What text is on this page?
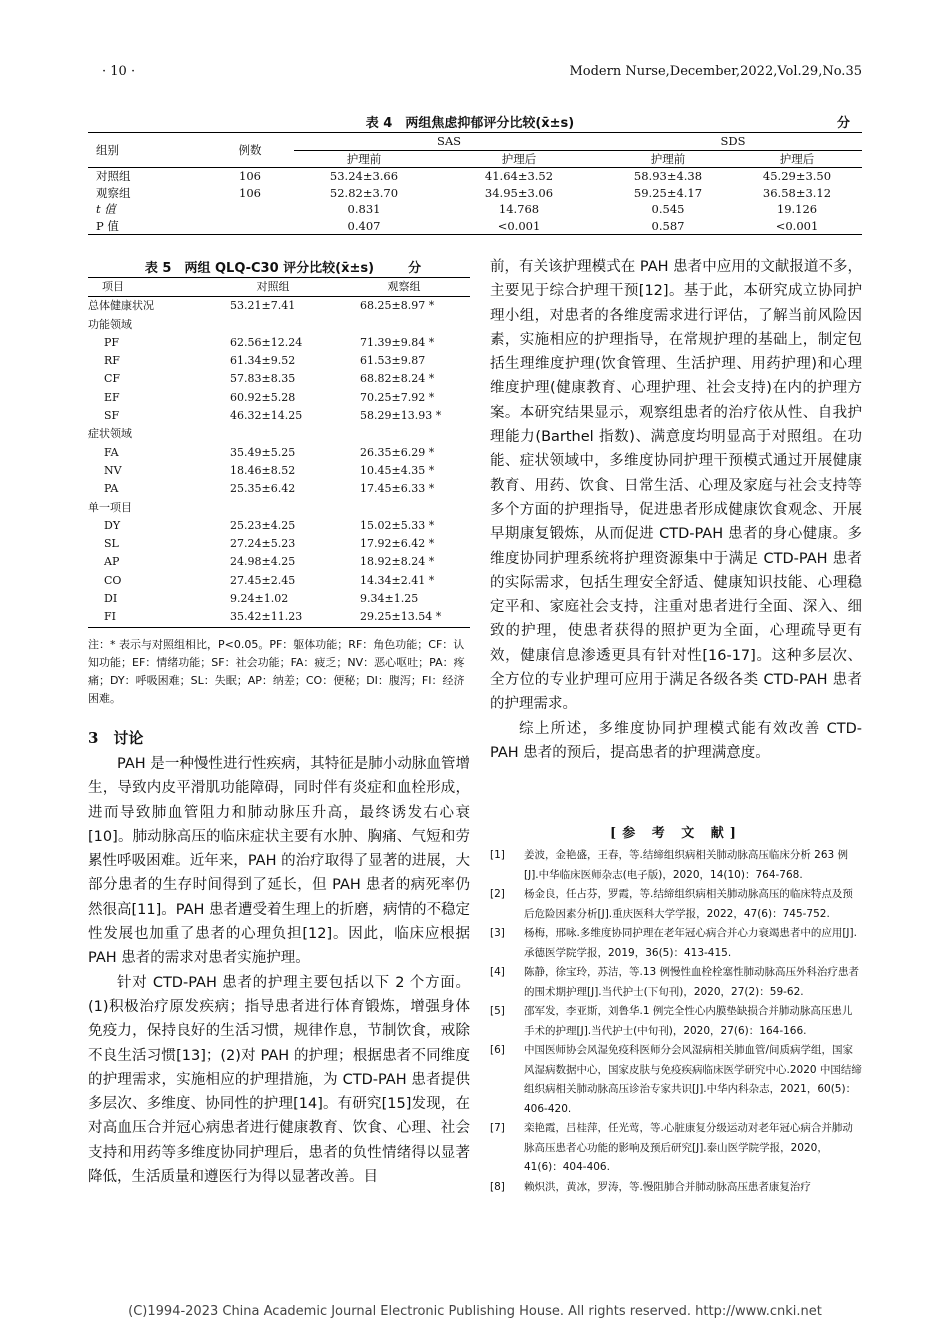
· 10 ·	Modern Nurse,December,2022,Vol.29,No.35
表 4　两组焦虑抑郁评分比较(x̄±s)	分
组别	例数	SAS		SDS	
		护理前	护理后	护理前	护理后
对照组	106	53.24±3.66	41.64±3.52	58.93±4.38	45.29±3.50
观察组	106	52.82±3.70	34.95±3.06	59.25±4.17	36.58±3.12
t 值		0.831	14.768	0.545	19.126
P 值		0.407	<0.001	0.587	<0.001
表 5　两组 QLQ-C30 评分比较(x̄±s)	分
项目	对照组	观察组
总体健康状况	53.21±7.41	68.25±8.97 *
功能领域		
PF	62.56±12.24	71.39±9.84 *
RF	61.34±9.52	61.53±9.87
CF	57.83±8.35	68.82±8.24 *
EF	60.92±5.28	70.25±7.92 *
SF	46.32±14.25	58.29±13.93 *
症状领域		
FA	35.49±5.25	26.35±6.29 *
NV	18.46±8.52	10.45±4.35 *
PA	25.35±6.42	17.45±6.33 *
单一项目		
DY	25.23±4.25	15.02±5.33 *
SL	27.24±5.23	17.92±6.42 *
AP	24.98±4.25	18.92±8.24 *
CO	27.45±2.45	14.34±2.41 *
DI	9.24±1.02	9.34±1.25
FI	35.42±11.23	29.25±13.54 *
注：* 表示与对照组相比，P<0.05。PF：躯体功能；RF：角色功能；CF：认知功能；EF：情绪功能；SF：社会功能；FA：疲乏；NV：恶心呕吐；PA：疼痛；DY：呼吸困难；SL：失眠；AP：纳差；CO：便秘；DI：腹泻；FI：经济困难。
3　讨论

PAH 是一种慢性进行性疾病，其特征是肺小动脉血管增生，导致内皮平滑肌功能障碍，同时伴有炎症和血栓形成，进而导致肺血管阻力和肺动脉压升高，最终诱发右心衰[10]。肺动脉高压的临床症状主要有水肿、胸痛、气短和劳累性呼吸困难。近年来，PAH 的治疗取得了显著的进展，大部分患者的生存时间得到了延长，但 PAH 患者的病死率仍然很高[11]。PAH 患者遭受着生理上的折磨，病情的不稳定性发展也加重了患者的心理负担[12]。因此，临床应根据 PAH 患者的需求对患者实施护理。

针对 CTD-PAH 患者的护理主要包括以下 2 个方面。(1)积极治疗原发疾病；指导患者进行体育锻炼，增强身体免疫力，保持良好的生活习惯，规律作息，节制饮食，戒除不良生活习惯[13]；(2)对 PAH 的护理；根据患者不同维度的护理需求，实施相应的护理措施，为 CTD-PAH 患者提供多层次、多维度、协同性的护理[14]。有研究[15]发现，在对高血压合并冠心病患者进行健康教育、饮食、心理、社会支持和用药等多维度协同护理后，患者的负性情绪得以显著降低，生活质量和遵医行为得以显著改善。目

前，有关该护理模式在 PAH 患者中应用的文献报道不多，主要见于综合护理干预[12]。基于此，本研究成立协同护理小组，对患者的各维度需求进行评估，了解当前风险因素，实施相应的护理指导，在常规护理的基础上，制定包括生理维度护理(饮食管理、生活护理、用药护理)和心理维度护理(健康教育、心理护理、社会支持)在内的护理方案。本研究结果显示，观察组患者的治疗依从性、自我护理能力(Barthel 指数)、满意度均明显高于对照组。在功能、症状领域中，多维度协同护理干预模式通过开展健康教育、用药、饮食、日常生活、心理及家庭与社会支持等多个方面的护理指导，促进患者形成健康饮食观念、开展早期康复锻炼，从而促进 CTD-PAH 患者的身心健康。多维度协同护理系统将护理资源集中于满足 CTD-PAH 患者的实际需求，包括生理安全舒适、健康知识技能、心理稳定平和、家庭社会支持，注重对患者进行全面、深入、细致的护理，使患者获得的照护更为全面，心理疏导更有效，健康信息渗透更具有针对性[16-17]。这种多层次、全方位的专业护理可应用于满足各级各类 CTD-PAH 患者的护理需求。

综上所述，多维度协同护理模式能有效改善 CTD-PAH 患者的预后，提高患者的护理满意度。

[参 考 文 献]
[1] 姜波，金艳盛，王春，等.结缔组织病相关肺动脉高压临床分析 263 例[J].中华临床医师杂志(电子版)，2020，14(10)：764-768.
[2] 杨金良，任占芬，罗霞，等.结缔组织病相关肺动脉高压的临床特点及预后危险因素分析[J].重庆医科大学学报，2022，47(6)：745-752.
[3] 杨梅，邢咏.多维度协同护理在老年冠心病合并心力衰竭患者中的应用[J].承德医学院学报，2019，36(5)：413-415.
[4] 陈静，徐宝玲，苏洁，等.13 例慢性血栓栓塞性肺动脉高压外科治疗患者的围术期护理[J].当代护士(下旬刊)，2020，27(2)：59-62.
[5] 邵军发，李亚斯，刘鲁华.1 例完全性心内膜垫缺损合并肺动脉高压患儿手术的护理[J].当代护士(中旬刊)，2020，27(6)：164-166.
[6] 中国医师协会风湿免疫科医师分会风湿病相关肺血管/间质病学组，国家风湿病数据中心，国家皮肤与免疫疾病临床医学研究中心.2020 中国结缔组织病相关肺动脉高压诊治专家共识[J].中华内科杂志，2021，60(5)：406-420.
[7] 栾艳霞，吕桂萍，任光莺，等.心脏康复分级运动对老年冠心病合并肺动脉高压患者心功能的影响及预后研究[J].泰山医学院学报，2020，41(6)：404-406.
[8] 赖炽洪，黄冰，罗涛，等.慢阻肺合并肺动脉高压患者康复治疗
(C)1994-2023 China Academic Journal Electronic Publishing House. All rights reserved. http://www.cnki.net
